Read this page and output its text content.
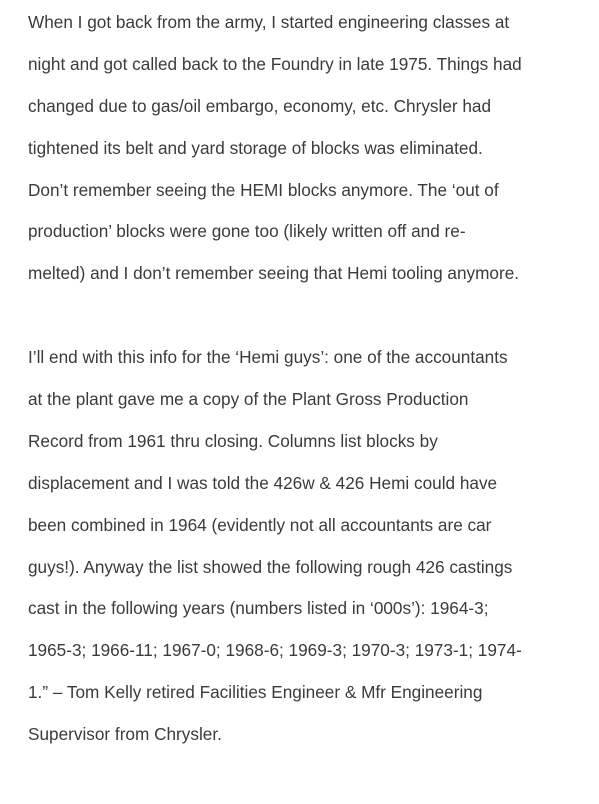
When I got back from the army, I started engineering classes at
night and got called back to the Foundry in late 1975. Things had
changed due to gas/oil embargo, economy, etc. Chrysler had
tightened its belt and yard storage of blocks was eliminated.
Don’t remember seeing the HEMI blocks anymore. The ‘out of
production’ blocks were gone too (likely written off and re-
melted) and I don’t remember seeing that Hemi tooling anymore.

I’ll end with this info for the ‘Hemi guys’: one of the accountants
at the plant gave me a copy of the Plant Gross Production
Record from 1961 thru closing. Columns list blocks by
displacement and I was told the 426w & 426 Hemi could have
been combined in 1964 (evidently not all accountants are car
guys!). Anyway the list showed the following rough 426 castings
cast in the following years (numbers listed in ‘000s’): 1964-3;
1965-3; 1966-11; 1967-0; 1968-6; 1969-3; 1970-3; 1973-1; 1974-
1.” – Tom Kelly retired Facilities Engineer & Mfr Engineering
Supervisor from Chrysler.
